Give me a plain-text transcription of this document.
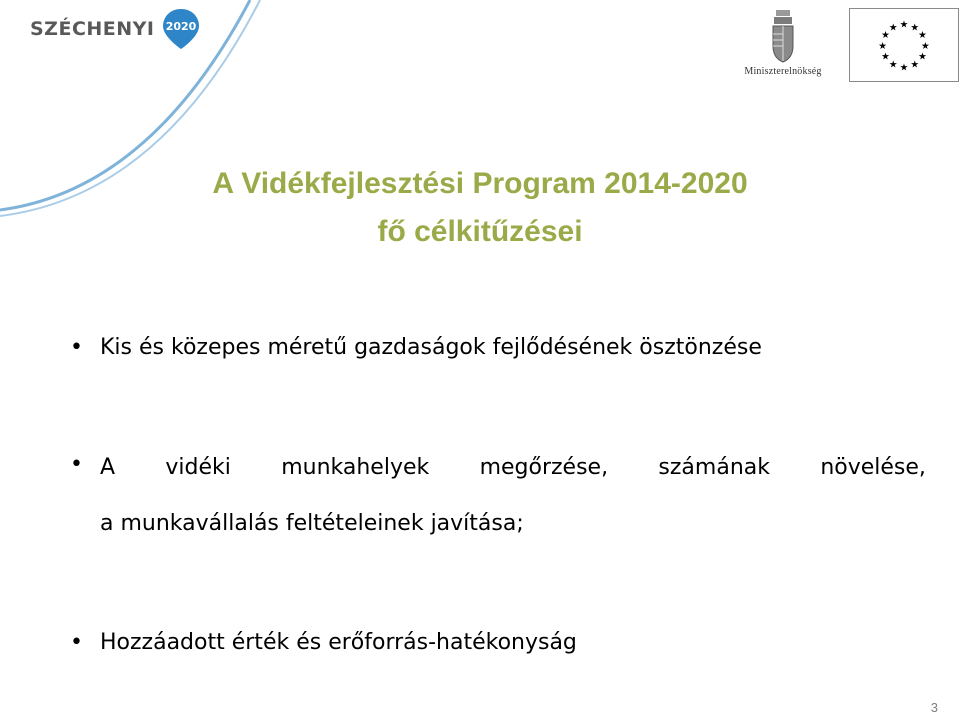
SZÉCHENYI 2020
Miniszterelnökség
★ ★
★
★
★
★
★
★
★
★
★
★
A Vidékfejlesztési Program 2014-2020
fő célkitűzései
• Kis és közepes méretű gazdaságok fejlődésének ösztönzése
• A vidéki munkahelyek megőrzése, számának növelése,
a munkavállalás feltételeinek javítása;
• Hozzáadott érték és erőforrás-hatékonyság
3
